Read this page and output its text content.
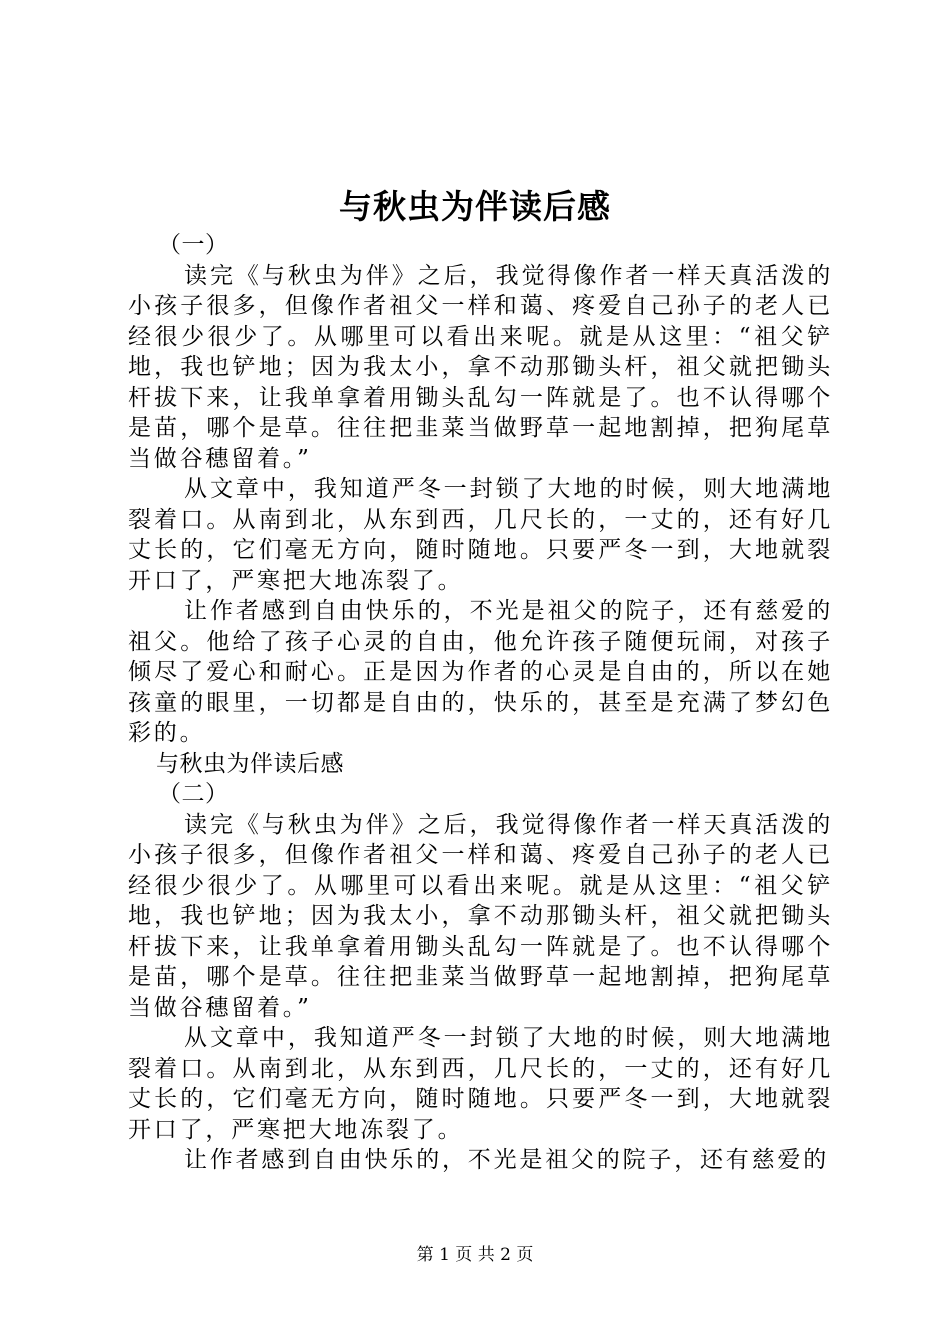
与秋虫为伴读后感

（一）

读完《与秋虫为伴》之后，我觉得像作者一样天真活泼的小孩子很多，但像作者祖父一样和蔼、疼爱自己孙子的老人已经很少很少了。从哪里可以看出来呢。就是从这里：“祖父铲地，我也铲地；因为我太小，拿不动那锄头杆，祖父就把锄头杆拔下来，让我单拿着用锄头乱勾一阵就是了。也不认得哪个是苗，哪个是草。往往把韭菜当做野草一起地割掉，把狗尾草当做谷穗留着。”

从文章中，我知道严冬一封锁了大地的时候，则大地满地裂着口。从南到北，从东到西，几尺长的，一丈的，还有好几丈长的，它们毫无方向，随时随地。只要严冬一到，大地就裂开口了，严寒把大地冻裂了。

让作者感到自由快乐的，不光是祖父的院子，还有慈爱的祖父。他给了孩子心灵的自由，他允许孩子随便玩闹，对孩子倾尽了爱心和耐心。正是因为作者的心灵是自由的，所以在她孩童的眼里，一切都是自由的，快乐的，甚至是充满了梦幻色彩的。

与秋虫为伴读后感

（二）

读完《与秋虫为伴》之后，我觉得像作者一样天真活泼的小孩子很多，但像作者祖父一样和蔼、疼爱自己孙子的老人已经很少很少了。从哪里可以看出来呢。就是从这里：“祖父铲地，我也铲地；因为我太小，拿不动那锄头杆，祖父就把锄头杆拔下来，让我单拿着用锄头乱勾一阵就是了。也不认得哪个是苗，哪个是草。往往把韭菜当做野草一起地割掉，把狗尾草当做谷穗留着。”

从文章中，我知道严冬一封锁了大地的时候，则大地满地裂着口。从南到北，从东到西，几尺长的，一丈的，还有好几丈长的，它们毫无方向，随时随地。只要严冬一到，大地就裂开口了，严寒把大地冻裂了。

让作者感到自由快乐的，不光是祖父的院子，还有慈爱的

第 1 页 共 2 页
